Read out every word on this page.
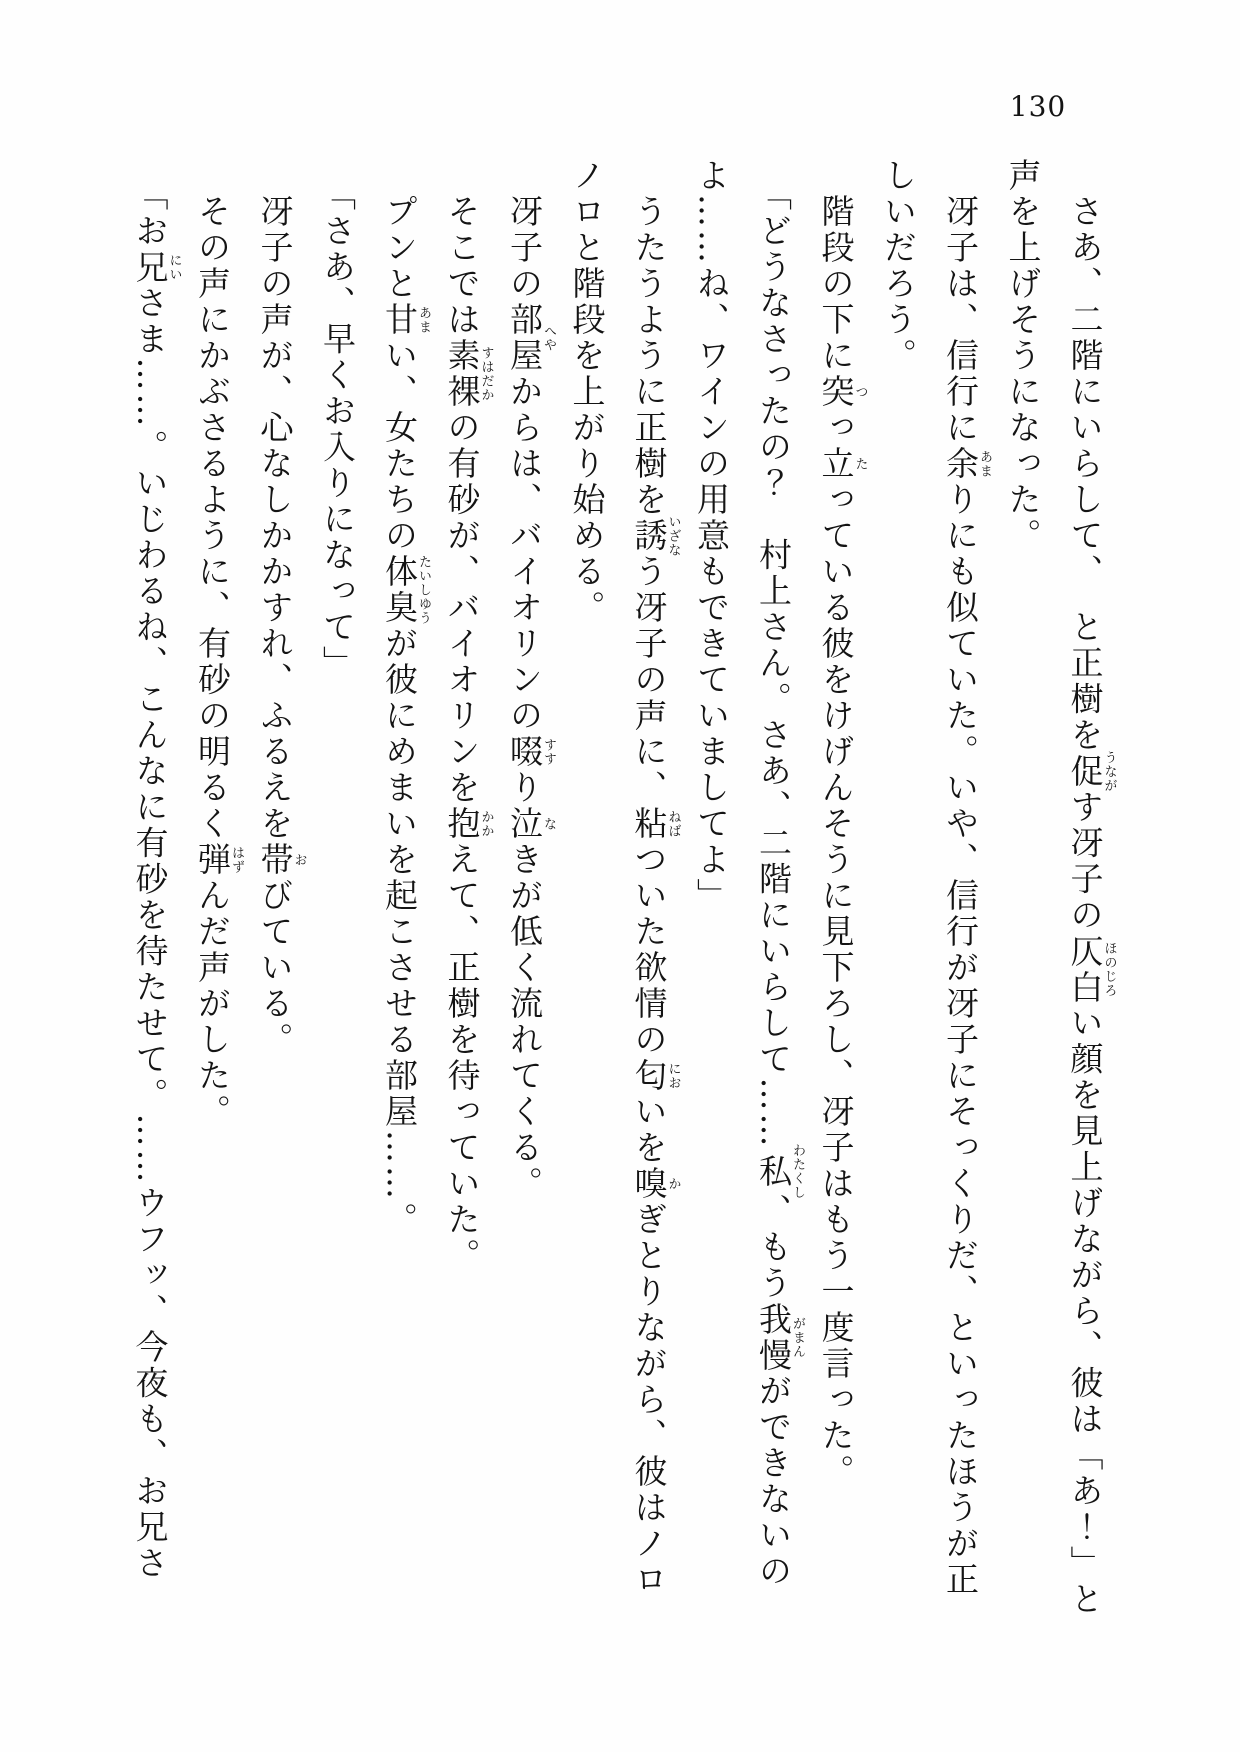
130
　さあ、二階にいらして、　と正樹を促うながす冴子の仄白ほのじろい顔を見上げながら、彼は「あ！」と
声を上げそうになった。
　冴子は、信行に余あまりにも似ていた。いや、信行が冴子にそっくりだ、といったほうが正
しいだろう。
　階段の下に突つっ立たっている彼をけげんそうに見下ろし、冴子はもう一度言った。
　「どうなさったの？　村上さん。さあ、二階にいらして……私わたくし、もう我慢がまんができないの
よ……ね、ワインの用意もできていましてよ」
　うたうように正樹を誘いざなう冴子の声に、粘ねばついた欲情の匂においを嗅かぎとりながら、彼はノロ
ノロと階段を上がり始める。
　冴子の部屋へやからは、バイオリンの啜すすり泣なきが低く流れてくる。
　そこでは素裸すはだかの有砂が、バイオリンを抱かかえて、正樹を待っていた。
　プンと甘あまい、女たちの体臭たいしゆうが彼にめまいを起こさせる部屋……。
　「さあ、早くお入りになって」
　冴子の声が、心なしかかすれ、ふるえを帯おびている。
　その声にかぶさるように、有砂の明るく弾はずんだ声がした。
　「お兄にいさま……。いじわるね、こんなに有砂を待たせて。……ウフッ、今夜も、お兄さ
